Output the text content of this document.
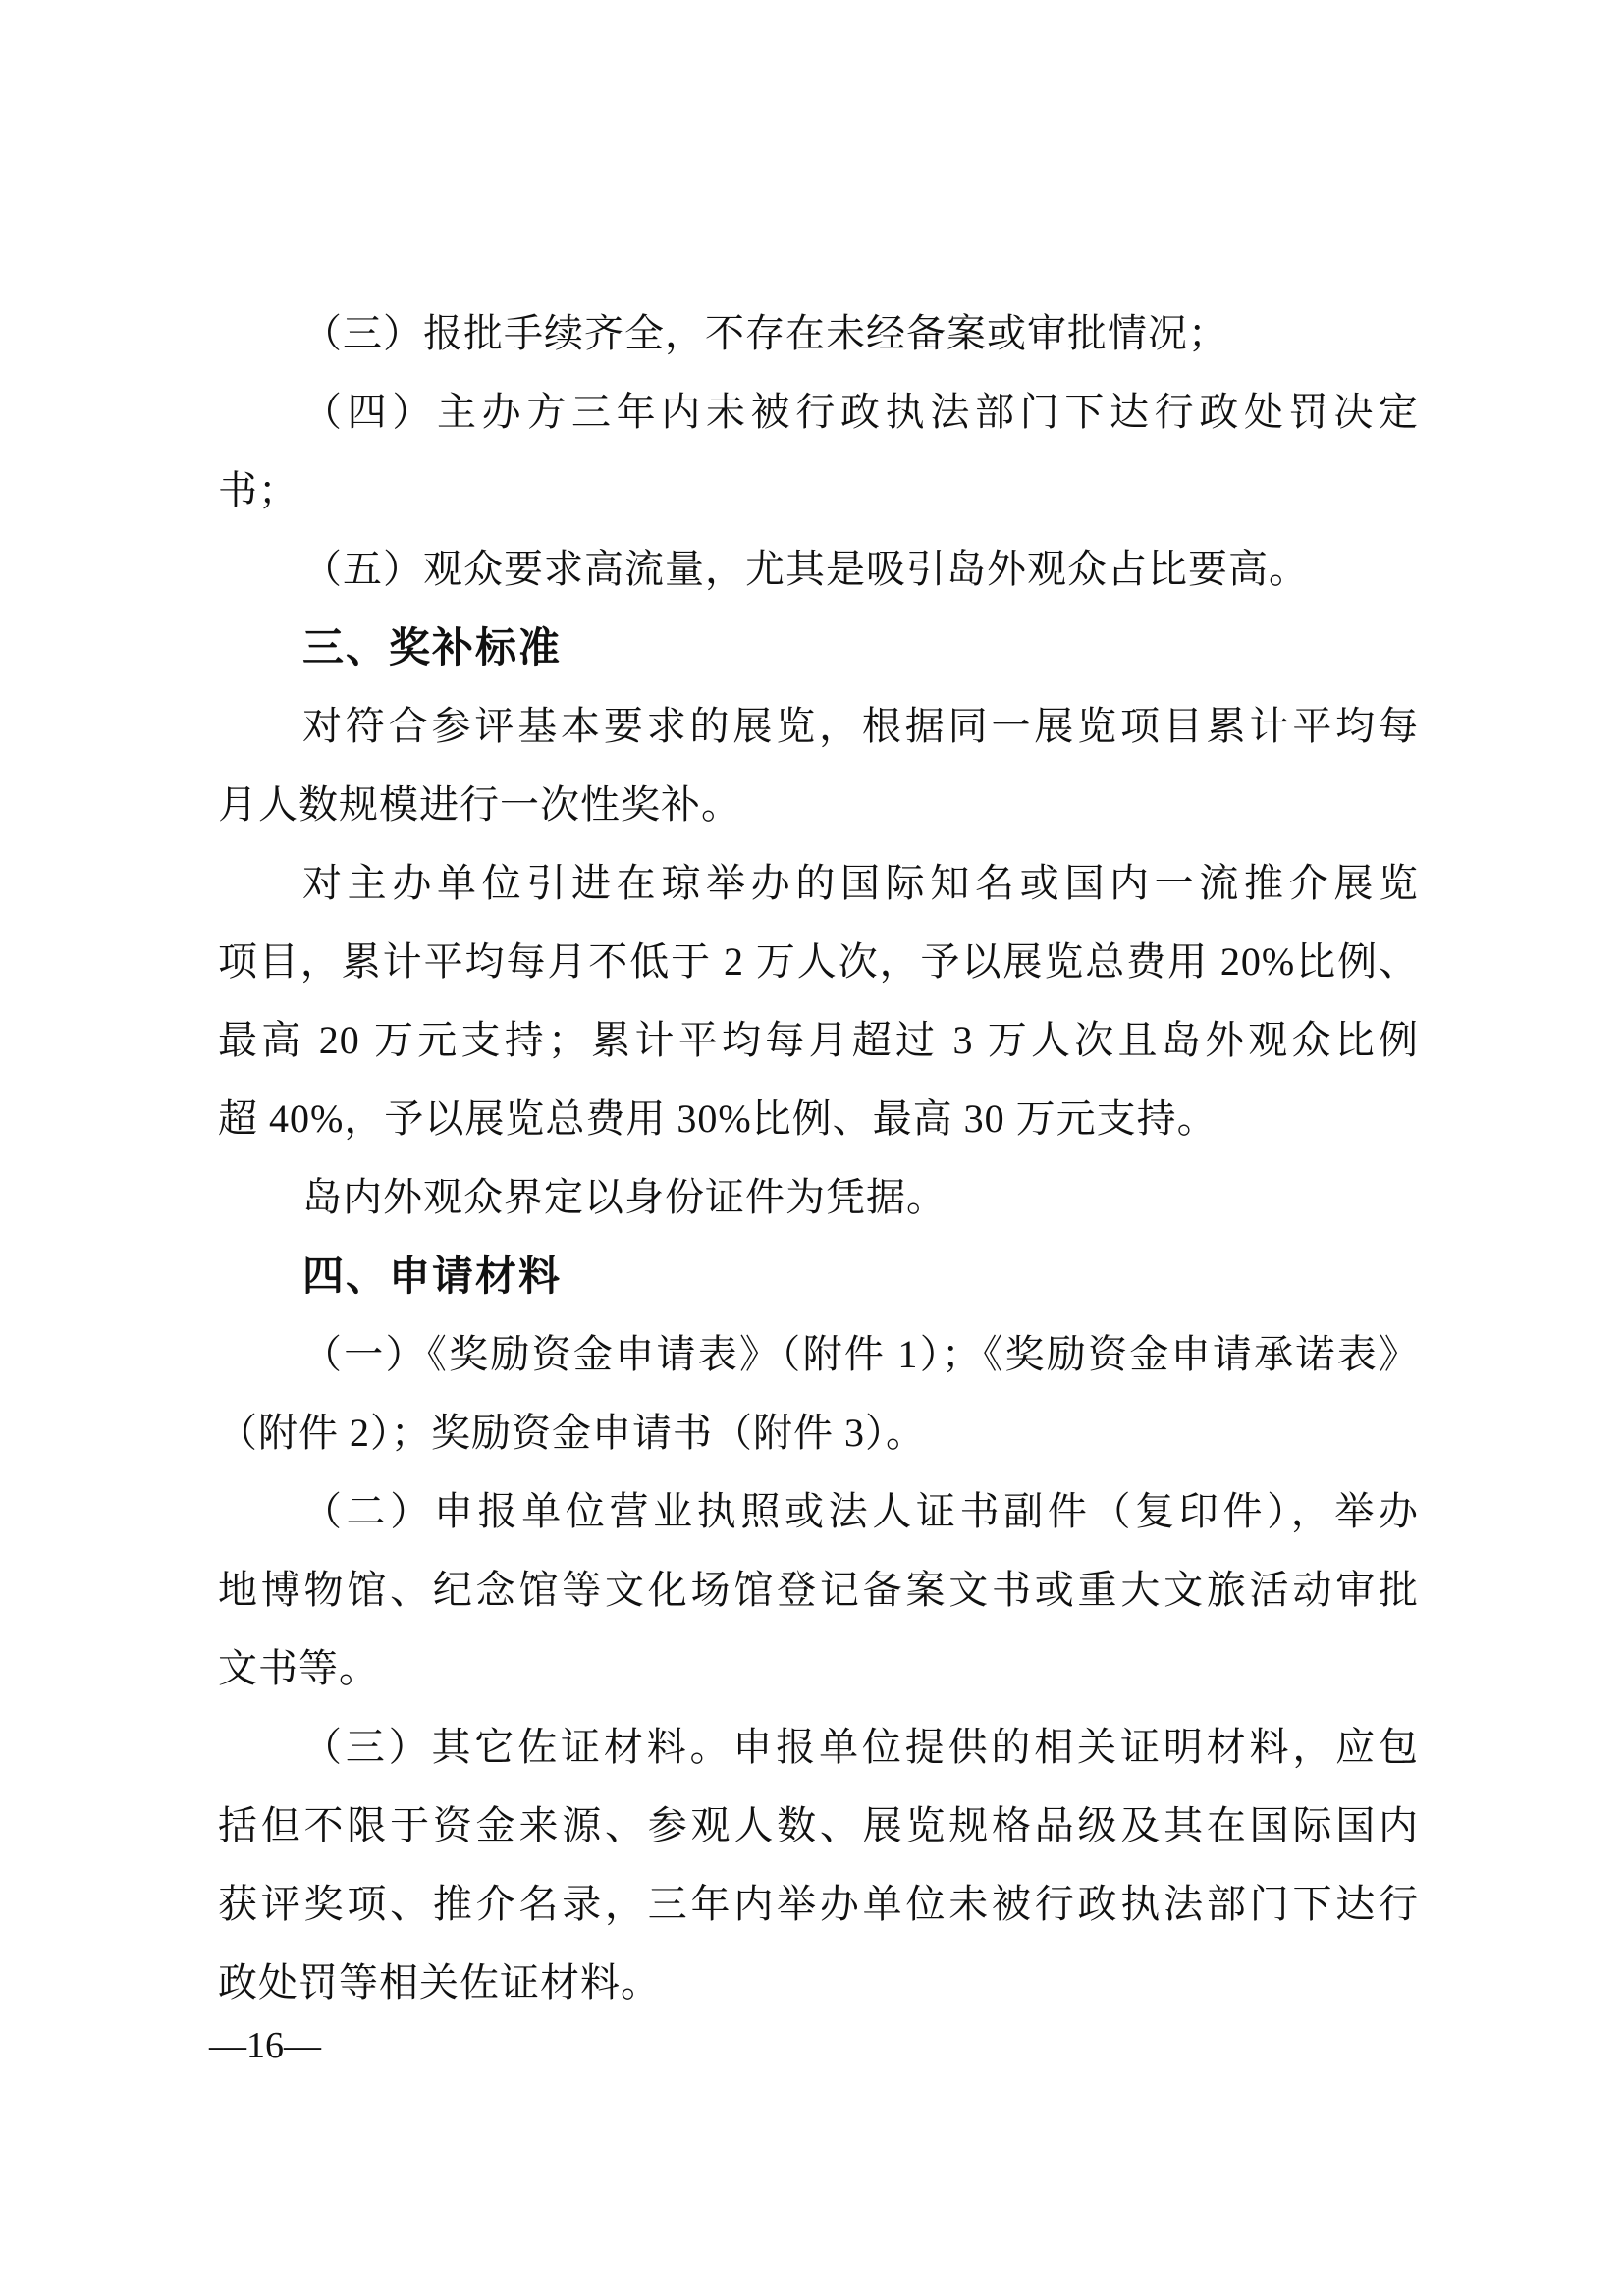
（三）报批手续齐全，不存在未经备案或审批情况；
（四）主办方三年内未被行政执法部门下达行政处罚决定
书；
（五）观众要求高流量，尤其是吸引岛外观众占比要高。
三、奖补标准
对符合参评基本要求的展览，根据同一展览项目累计平均每
月人数规模进行一次性奖补。
对主办单位引进在琼举办的国际知名或国内一流推介展览
项目，累计平均每月不低于 2 万人次，予以展览总费用 20%比例、
最高 20 万元支持；累计平均每月超过 3 万人次且岛外观众比例
超 40%，予以展览总费用 30%比例、最高 30 万元支持。
岛内外观众界定以身份证件为凭据。
四、申请材料
（一）《奖励资金申请表》（附件 1）；《奖励资金申请承诺表》
（附件 2）；奖励资金申请书（附件 3）。
（二）申报单位营业执照或法人证书副件（复印件），举办
地博物馆、纪念馆等文化场馆登记备案文书或重大文旅活动审批
文书等。
（三）其它佐证材料。申报单位提供的相关证明材料，应包
括但不限于资金来源、参观人数、展览规格品级及其在国际国内
获评奖项、推介名录，三年内举办单位未被行政执法部门下达行
政处罚等相关佐证材料。
—16—
